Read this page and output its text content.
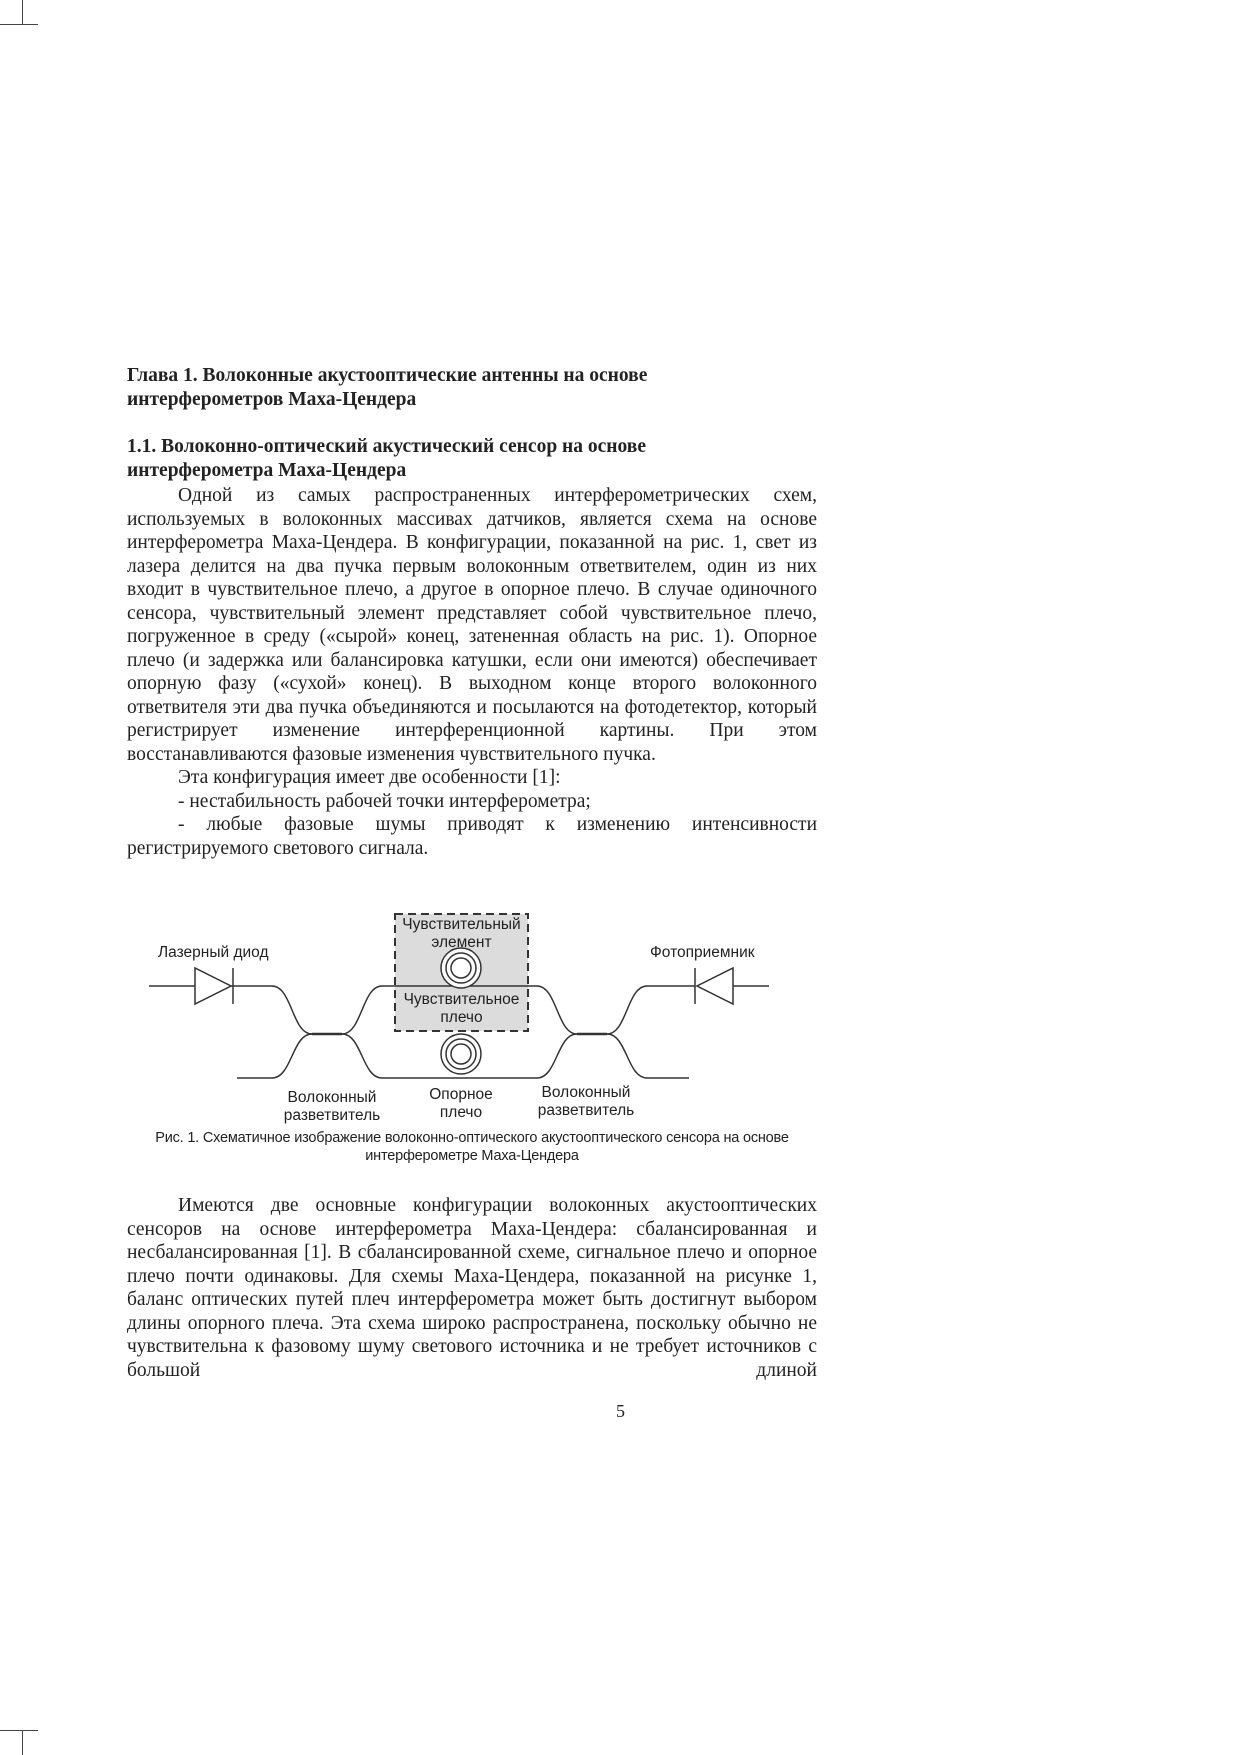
Глава 1. Волоконные акустооптические антенны на основе
интерферометров Маха-Цендера
1.1. Волоконно-оптический акустический сенсор на основе
интерферометра Маха-Цендера

Одной из самых распространенных интерферометрических схем, используемых в волоконных массивах датчиков, является схема на основе интерферометра Маха-Цендера. В конфигурации, показанной на рис. 1, свет из лазера делится на два пучка первым волоконным ответвителем, один из них входит в чувствительное плечо, а другое в опорное плечо. В случае одиночного сенсора, чувствительный элемент представляет собой чувствительное плечо, погруженное в среду («сырой» конец, затененная область на рис. 1). Опорное плечо (и задержка или балансировка катушки, если они имеются) обеспечивает опорную фазу («сухой» конец). В выходном конце второго волоконного ответвителя эти два пучка объединяются и посылаются на фотодетектор, который регистрирует изменение интерференционной картины. При этом восстанавливаются фазовые изменения чувствительного пучка.

Эта конфигурация имеет две особенности [1]:

- нестабильность рабочей точки интерферометра;

- любые фазовые шумы приводят к изменению интенсивности регистрируемого светового сигнала.

Лазерный диод	Фотоприемник
Чувствительный
элемент
Чувствительное
плечо
Волоконный
разветвитель
Опорное
плечо
Волоконный
разветвитель
Рис. 1. Схематичное изображение волоконно-оптического акустооптического сенсора на основе
интерферометре Маха-Цендера

Имеются две основные конфигурации волоконных акустооптических сенсоров на основе интерферометра Маха-Цендера: сбалансированная и несбалансированная [1]. В сбалансированной схеме, сигнальное плечо и опорное плечо почти одинаковы. Для схемы Маха-Цендера, показанной на рисунке 1, баланс оптических путей плеч интерферометра может быть достигнут выбором длины опорного плеча. Эта схема широко распространена, поскольку обычно не чувствительна к фазовому шуму светового источника и не требует источников с большой длиной

5
